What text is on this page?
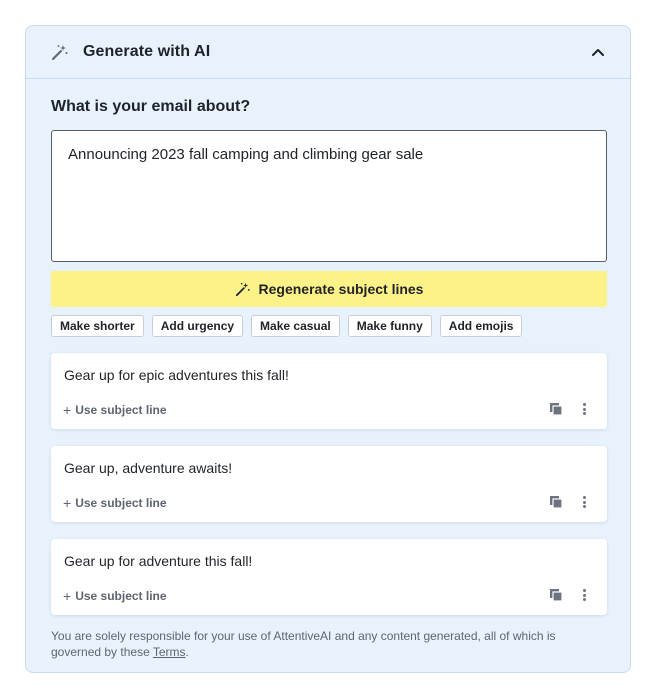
Generate with AI
What is your email about?
Announcing 2023 fall camping and climbing gear sale
Regenerate subject lines
Make shorter	Add urgency	Make casual	Make funny	Add emojis
Gear up for epic adventures this fall!
+ Use subject line
Gear up, adventure awaits!
+ Use subject line
Gear up for adventure this fall!
+ Use subject line

You are solely responsible for your use of AttentiveAI and any content generated, all of which is governed by these Terms.
